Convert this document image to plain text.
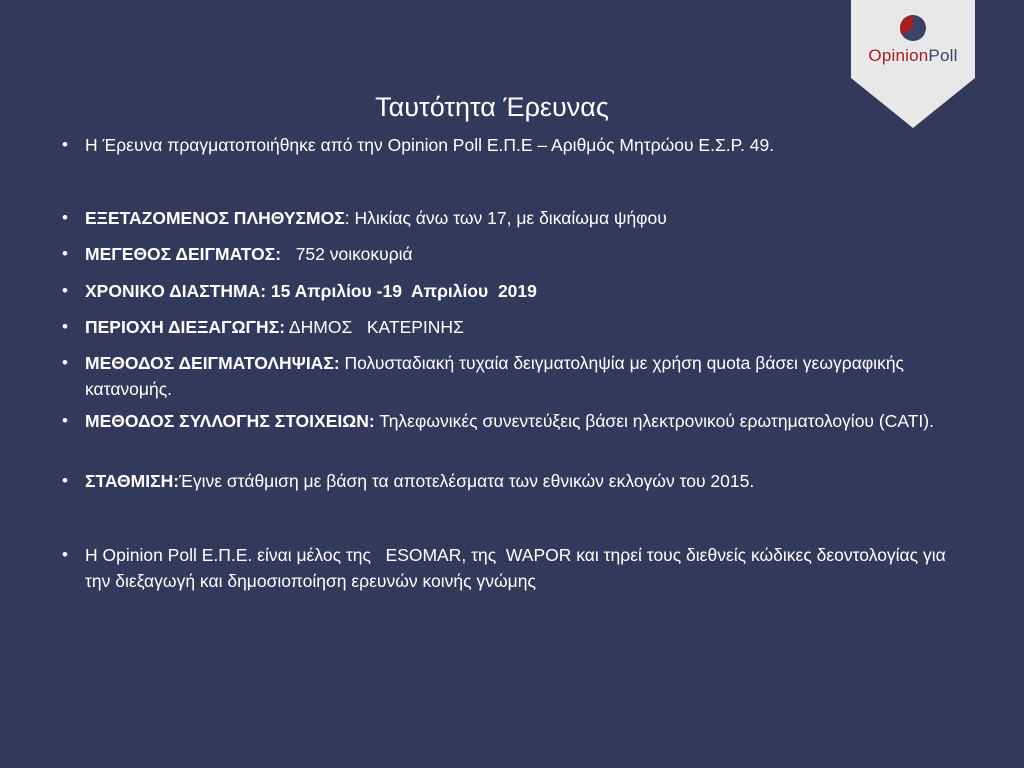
OpinionPoll
Ταυτότητα Έρευνας
• Η Έρευνα πραγματοποιήθηκε από την Opinion Poll Ε.Π.Ε – Αριθμός Μητρώου Ε.Σ.Ρ. 49.
• ΕΞΕΤΑΖΟΜΕΝΟΣ ΠΛΗΘΥΣΜΟΣ: Ηλικίας άνω των 17, με δικαίωμα ψήφου
• ΜΕΓΕΘΟΣ ΔΕΙΓΜΑΤΟΣ:   752 νοικοκυριά
• ΧΡΟΝΙΚΟ ΔΙΑΣΤΗΜΑ: 15 Απριλίου -19  Απριλίου  2019
• ΠΕΡΙΟΧΗ ΔΙΕΞΑΓΩΓΗΣ: ΔΗΜΟΣ   ΚΑΤΕΡΙΝΗΣ
• ΜΕΘΟΔΟΣ ΔΕΙΓΜΑΤΟΛΗΨΙΑΣ: Πολυσταδιακή τυχαία δειγματοληψία με χρήση quota βάσει γεωγραφικής κατανομής.
• ΜΕΘΟΔΟΣ ΣΥΛΛΟΓΗΣ ΣΤΟΙΧΕΙΩΝ: Τηλεφωνικές συνεντεύξεις βάσει ηλεκτρονικού ερωτηματολογίου (CATI).
• ΣΤΑΘΜΙΣΗ:Έγινε στάθμιση με βάση τα αποτελέσματα των εθνικών εκλογών του 2015.
• Η Opinion Poll Ε.Π.Ε. είναι μέλος της   ESOMAR, της  WAPOR και τηρεί τους διεθνείς κώδικες δεοντολογίας για την διεξαγωγή και δημοσιοποίηση ερευνών κοινής γνώμης
